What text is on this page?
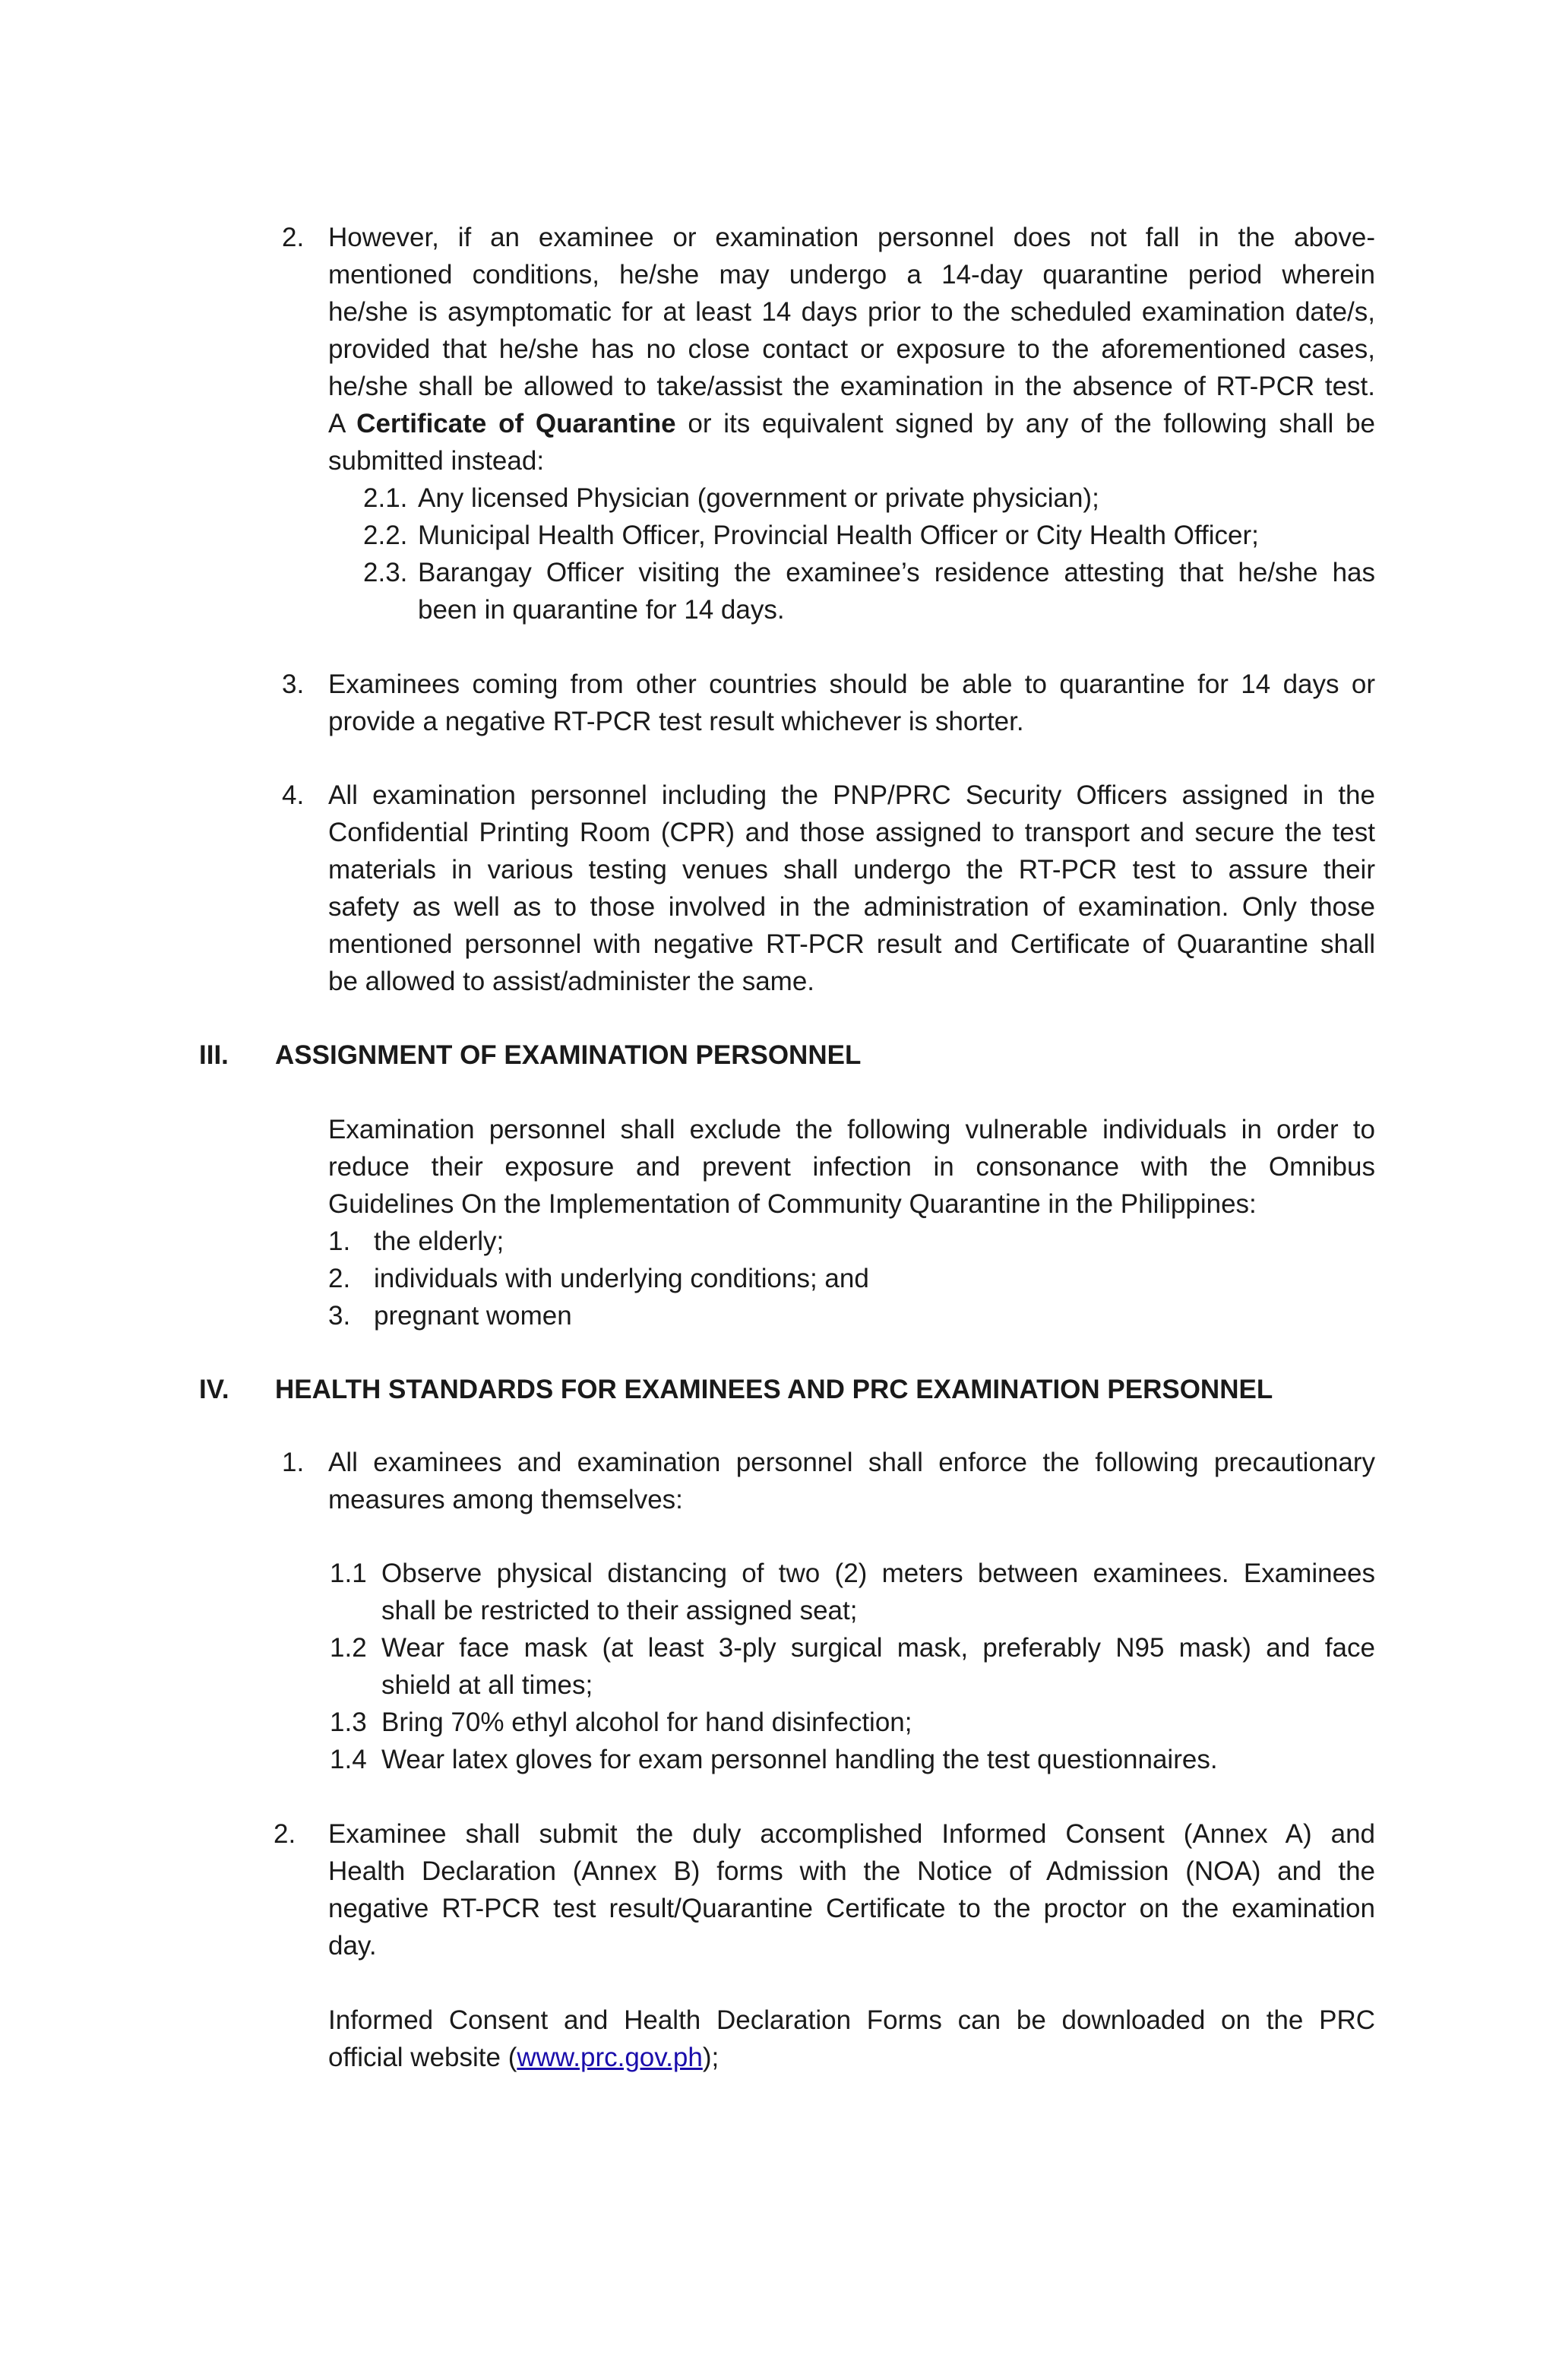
2. However, if an examinee or examination personnel does not fall in the above-
mentioned conditions, he/she may undergo a 14-day quarantine period wherein
he/she is asymptomatic for at least 14 days prior to the scheduled examination date/s,
provided that he/she has no close contact or exposure to the aforementioned cases,
he/she shall be allowed to take/assist the examination in the absence of RT-PCR test.
A Certificate of Quarantine or its equivalent signed by any of the following shall be
submitted instead:
2.1. Any licensed Physician (government or private physician);
2.2. Municipal Health Officer, Provincial Health Officer or City Health Officer;
2.3. Barangay Officer visiting the examinee’s residence attesting that he/she has
been in quarantine for 14 days.
3. Examinees coming from other countries should be able to quarantine for 14 days or
provide a negative RT-PCR test result whichever is shorter.
4. All examination personnel including the PNP/PRC Security Officers assigned in the
Confidential Printing Room (CPR) and those assigned to transport and secure the test
materials in various testing venues shall undergo the RT-PCR test to assure their
safety as well as to those involved in the administration of examination. Only those
mentioned personnel with negative RT-PCR result and Certificate of Quarantine shall
be allowed to assist/administer the same.
III. ASSIGNMENT OF EXAMINATION PERSONNEL
Examination personnel shall exclude the following vulnerable individuals in order to
reduce their exposure and prevent infection in consonance with the Omnibus
Guidelines On the Implementation of Community Quarantine in the Philippines:
1. the elderly;
2. individuals with underlying conditions; and
3. pregnant women
IV. HEALTH STANDARDS FOR EXAMINEES AND PRC EXAMINATION PERSONNEL
1. All examinees and examination personnel shall enforce the following precautionary
measures among themselves:
1.1 Observe physical distancing of two (2) meters between examinees. Examinees
shall be restricted to their assigned seat;
1.2 Wear face mask (at least 3-ply surgical mask, preferably N95 mask) and face
shield at all times;
1.3 Bring 70% ethyl alcohol for hand disinfection;
1.4 Wear latex gloves for exam personnel handling the test questionnaires.
2. Examinee shall submit the duly accomplished Informed Consent (Annex A) and
Health Declaration (Annex B) forms with the Notice of Admission (NOA) and the
negative RT-PCR test result/Quarantine Certificate to the proctor on the examination
day.
Informed Consent and Health Declaration Forms can be downloaded on the PRC
official website (www.prc.gov.ph);
